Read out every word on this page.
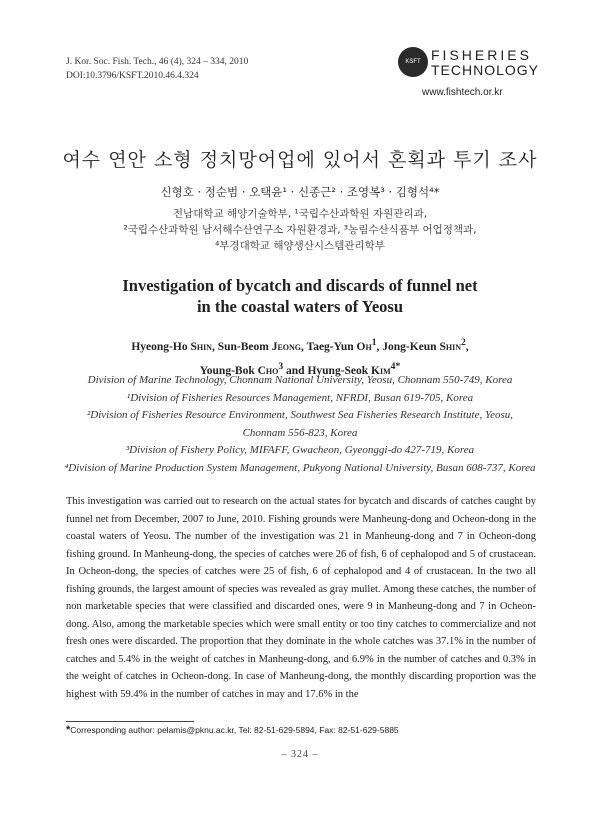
J. Kor. Soc. Fish. Tech., 46 (4), 324 – 334, 2010
DOI:10.3796/KSFT.2010.46.4.324
KSFT FISHERIES
TECHNOLOGY
www.fishtech.or.kr
여수 연안 소형 정치망어업에 있어서 혼획과 투기 조사
신형호 · 정순범 · 오택윤¹ · 신종근² · 조영복³ · 김형석⁴*
전남대학교 해양기술학부, ¹국립수산과학원 자원관리과,
²국립수산과학원 남서해수산연구소 자원환경과, ³농림수산식품부 어업정책과,
⁴부경대학교 해양생산시스템관리학부
Investigation of bycatch and discards of funnel net
in the coastal waters of Yeosu
Hyeong-Ho Shin, Sun-Beom Jeong, Taeg-Yun Oh$^1$, Jong-Keun Shin$^2$,
Young-Bok Cho$^3$ and Hyung-Seok Kim$^{4*}$
Division of Marine Technology, Chonnam National University, Yeosu, Chonnam 550-749, Korea
¹Division of Fisheries Resources Management, NFRDI, Busan 619-705, Korea
²Division of Fisheries Resource Environment, Southwest Sea Fisheries Research Institute, Yeosu,
Chonnam 556-823, Korea
³Division of Fishery Policy, MIFAFF, Gwacheon, Gyeonggi-do 427-719, Korea
⁴Division of Marine Production System Management, Pukyong National University, Busan 608-737, Korea
This investigation was carried out to research on the actual states for bycatch and discards of catches caught by funnel net from December, 2007 to June, 2010. Fishing grounds were Manheung-dong and Ocheon-dong in the coastal waters of Yeosu. The number of the investigation was 21 in Manheung-dong and 7 in Ocheon-dong fishing ground. In Manheung-dong, the species of catches were 26 of fish, 6 of cephalopod and 5 of crustacean. In Ocheon-dong, the species of catches were 25 of fish, 6 of cephalopod and 4 of crustacean. In the two all fishing grounds, the largest amount of species was revealed as gray mullet. Among these catches, the number of non marketable species that were classified and discarded ones, were 9 in Manheung-dong and 7 in Ocheon-dong. Also, among the marketable species which were small entity or too tiny catches to commercialize and not fresh ones were discarded. The proportion that they dominate in the whole catches was 37.1% in the number of catches and 5.4% in the weight of catches in Manheung-dong, and 6.9% in the number of catches and 0.3% in the weight of catches in Ocheon-dong. In case of Manheung-dong, the monthly discarding proportion was the highest with 59.4% in the number of catches in may and 17.6% in the
*Corresponding author: pelamis@pknu.ac.kr, Tel: 82-51-629-5894, Fax: 82-51-629-5885
– 324 –
